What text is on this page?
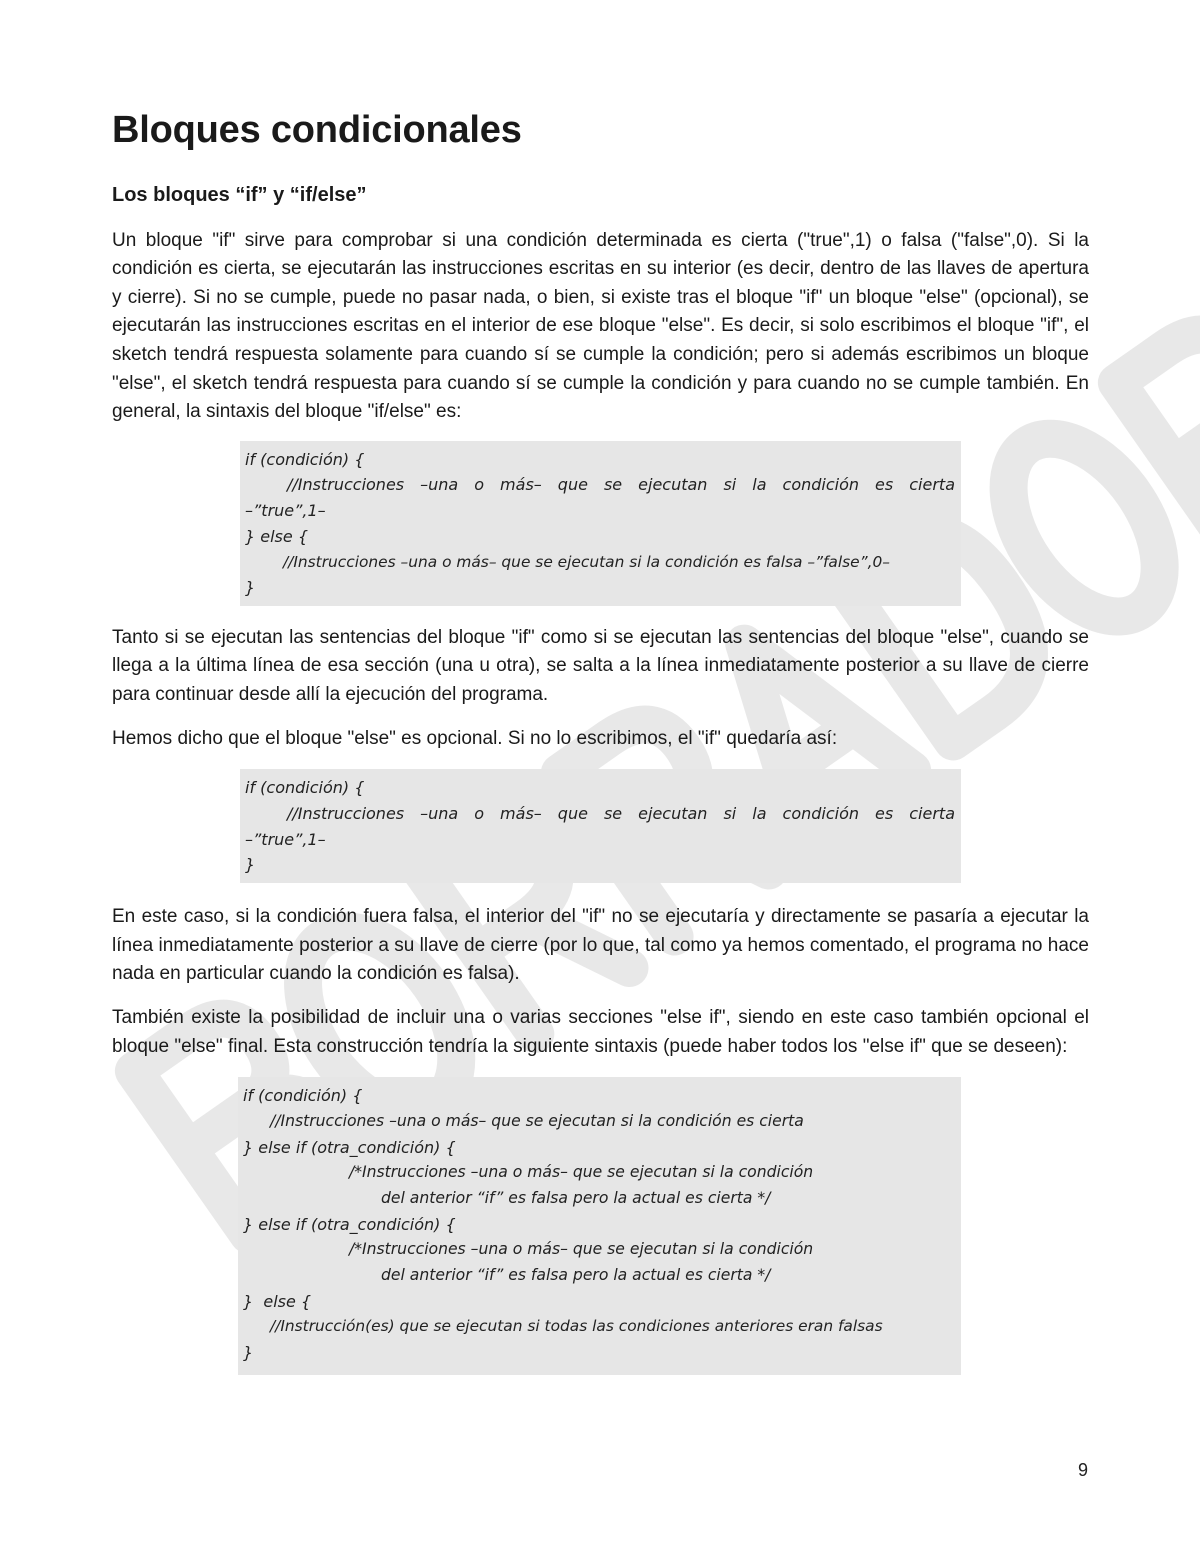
Bloques condicionales
Los bloques “if” y “if/else”

Un bloque "if" sirve para comprobar si una condición determinada es cierta ("true",1) o falsa ("false",0). Si la condición es cierta, se ejecutarán las instrucciones escritas en su interior (es decir, dentro de las llaves de apertura y cierre). Si no se cumple, puede no pasar nada, o bien, si existe tras el bloque "if" un bloque "else" (opcional), se ejecutarán las instrucciones escritas en el interior de ese bloque "else". Es decir, si solo escribimos el bloque "if", el sketch tendrá respuesta solamente para cuando sí se cumple la condición; pero si además escribimos un bloque "else", el sketch tendrá respuesta para cuando sí se cumple la condición y para cuando no se cumple también. En general, la sintaxis del bloque "if/else" es:

if (condición) {
//Instrucciones –una o más– que se ejecutan si la condición es cierta
–”true”,1–
} else {
//Instrucciones –una o más– que se ejecutan si la condición es falsa –”false”,0–
}

Tanto si se ejecutan las sentencias del bloque "if" como si se ejecutan las sentencias del bloque "else", cuando se llega a la última línea de esa sección (una u otra), se salta a la línea inmediatamente posterior a su llave de cierre para continuar desde allí la ejecución del programa.

Hemos dicho que el bloque "else" es opcional. Si no lo escribimos, el "if" quedaría así:

if (condición) {
//Instrucciones –una o más– que se ejecutan si la condición es cierta
–”true”,1–
}

En este caso, si la condición fuera falsa, el interior del "if" no se ejecutaría y directamente se pasaría a ejecutar la línea inmediatamente posterior a su llave de cierre (por lo que, tal como ya hemos comentado, el programa no hace nada en particular cuando la condición es falsa).

También existe la posibilidad de incluir una o varias secciones "else if", siendo en este caso también opcional el bloque "else" final. Esta construcción tendría la siguiente sintaxis (puede haber todos los "else if" que se deseen):

if (condición) {
//Instrucciones –una o más– que se ejecutan si la condición es cierta
} else if (otra_condición) {
/*Instrucciones –una o más– que se ejecutan si la condición
del anterior “if” es falsa pero la actual es cierta */
} else if (otra_condición) {
/*Instrucciones –una o más– que se ejecutan si la condición
del anterior “if” es falsa pero la actual es cierta */
}  else {
//Instrucción(es) que se ejecutan si todas las condiciones anteriores eran falsas
}
9
